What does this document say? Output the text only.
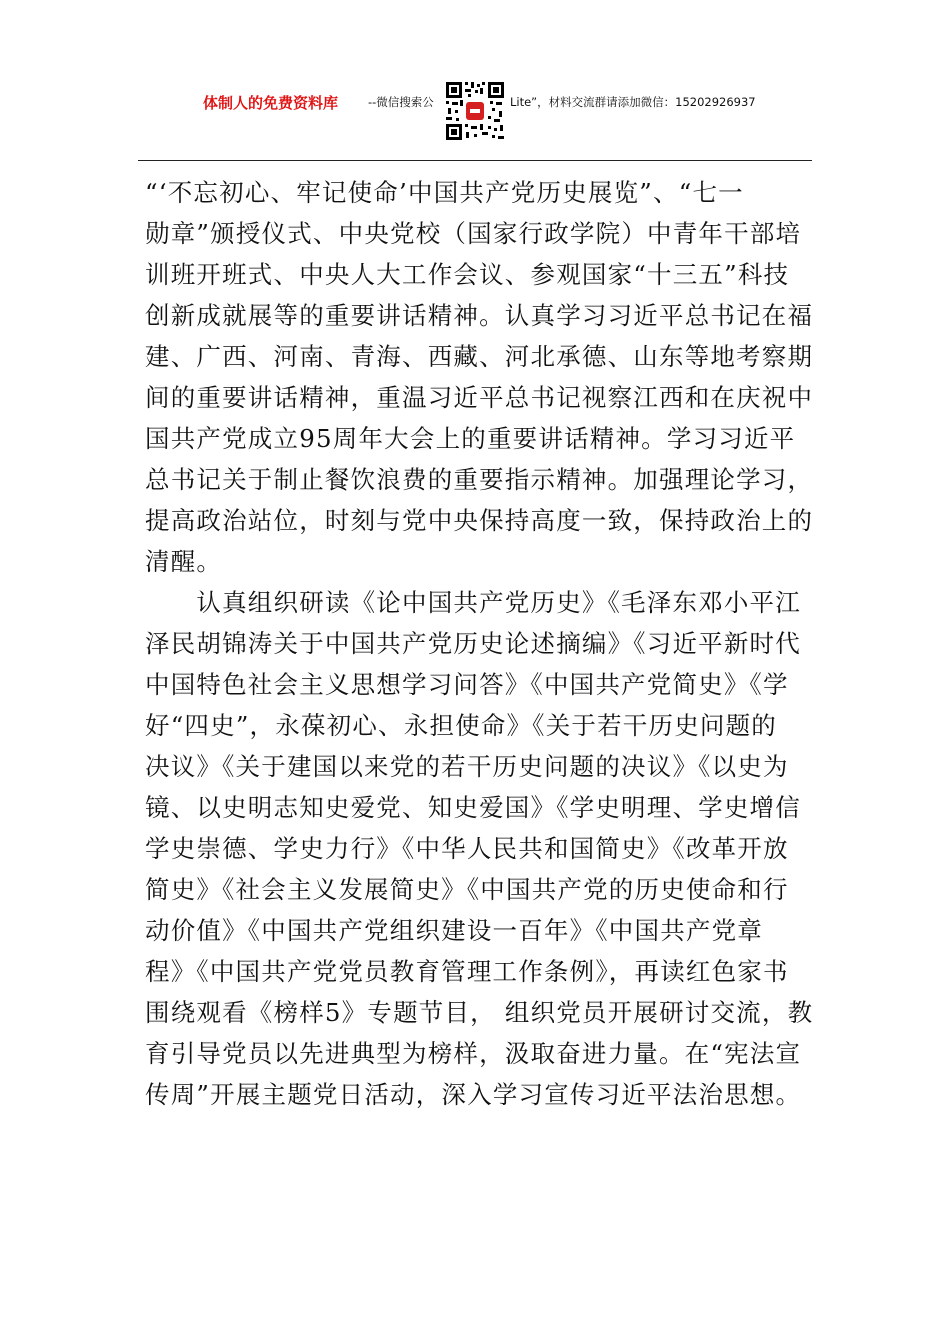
体制人的免费资料库	--微信搜索公	Lite”，材料交流群请添加微信：15202926937
“‘不忘初心、牢记使命’中国共产党历史展览”、“七一
勋章”颁授仪式、中央党校（国家行政学院）中青年干部培
训班开班式、中央人大工作会议、参观国家“十三五”科技
创新成就展等的重要讲话精神。认真学习习近平总书记在福
建、广西、河南、青海、西藏、河北承德、山东等地考察期
间的重要讲话精神，重温习近平总书记视察江西和在庆祝中
国共产党成立95周年大会上的重要讲话精神。学习习近平
总书记关于制止餐饮浪费的重要指示精神。加强理论学习，
提高政治站位，时刻与党中央保持高度一致，保持政治上的
清醒。
　　认真组织研读《论中国共产党历史》《毛泽东邓小平江
泽民胡锦涛关于中国共产党历史论述摘编》《习近平新时代
中国特色社会主义思想学习问答》《中国共产党简史》《学
好“四史”，永葆初心、永担使命》《关于若干历史问题的
决议》《关于建国以来党的若干历史问题的决议》《以史为
镜、以史明志知史爱党、知史爱国》《学史明理、学史增信
学史崇德、学史力行》《中华人民共和国简史》《改革开放
简史》《社会主义发展简史》《中国共产党的历史使命和行
动价值》《中国共产党组织建设一百年》《中国共产党章
程》《中国共产党党员教育管理工作条例》，再读红色家书
围绕观看《榜样5》专题节目， 组织党员开展研讨交流，教
育引导党员以先进典型为榜样，汲取奋进力量。在“宪法宣
传周”开展主题党日活动，深入学习宣传习近平法治思想。
